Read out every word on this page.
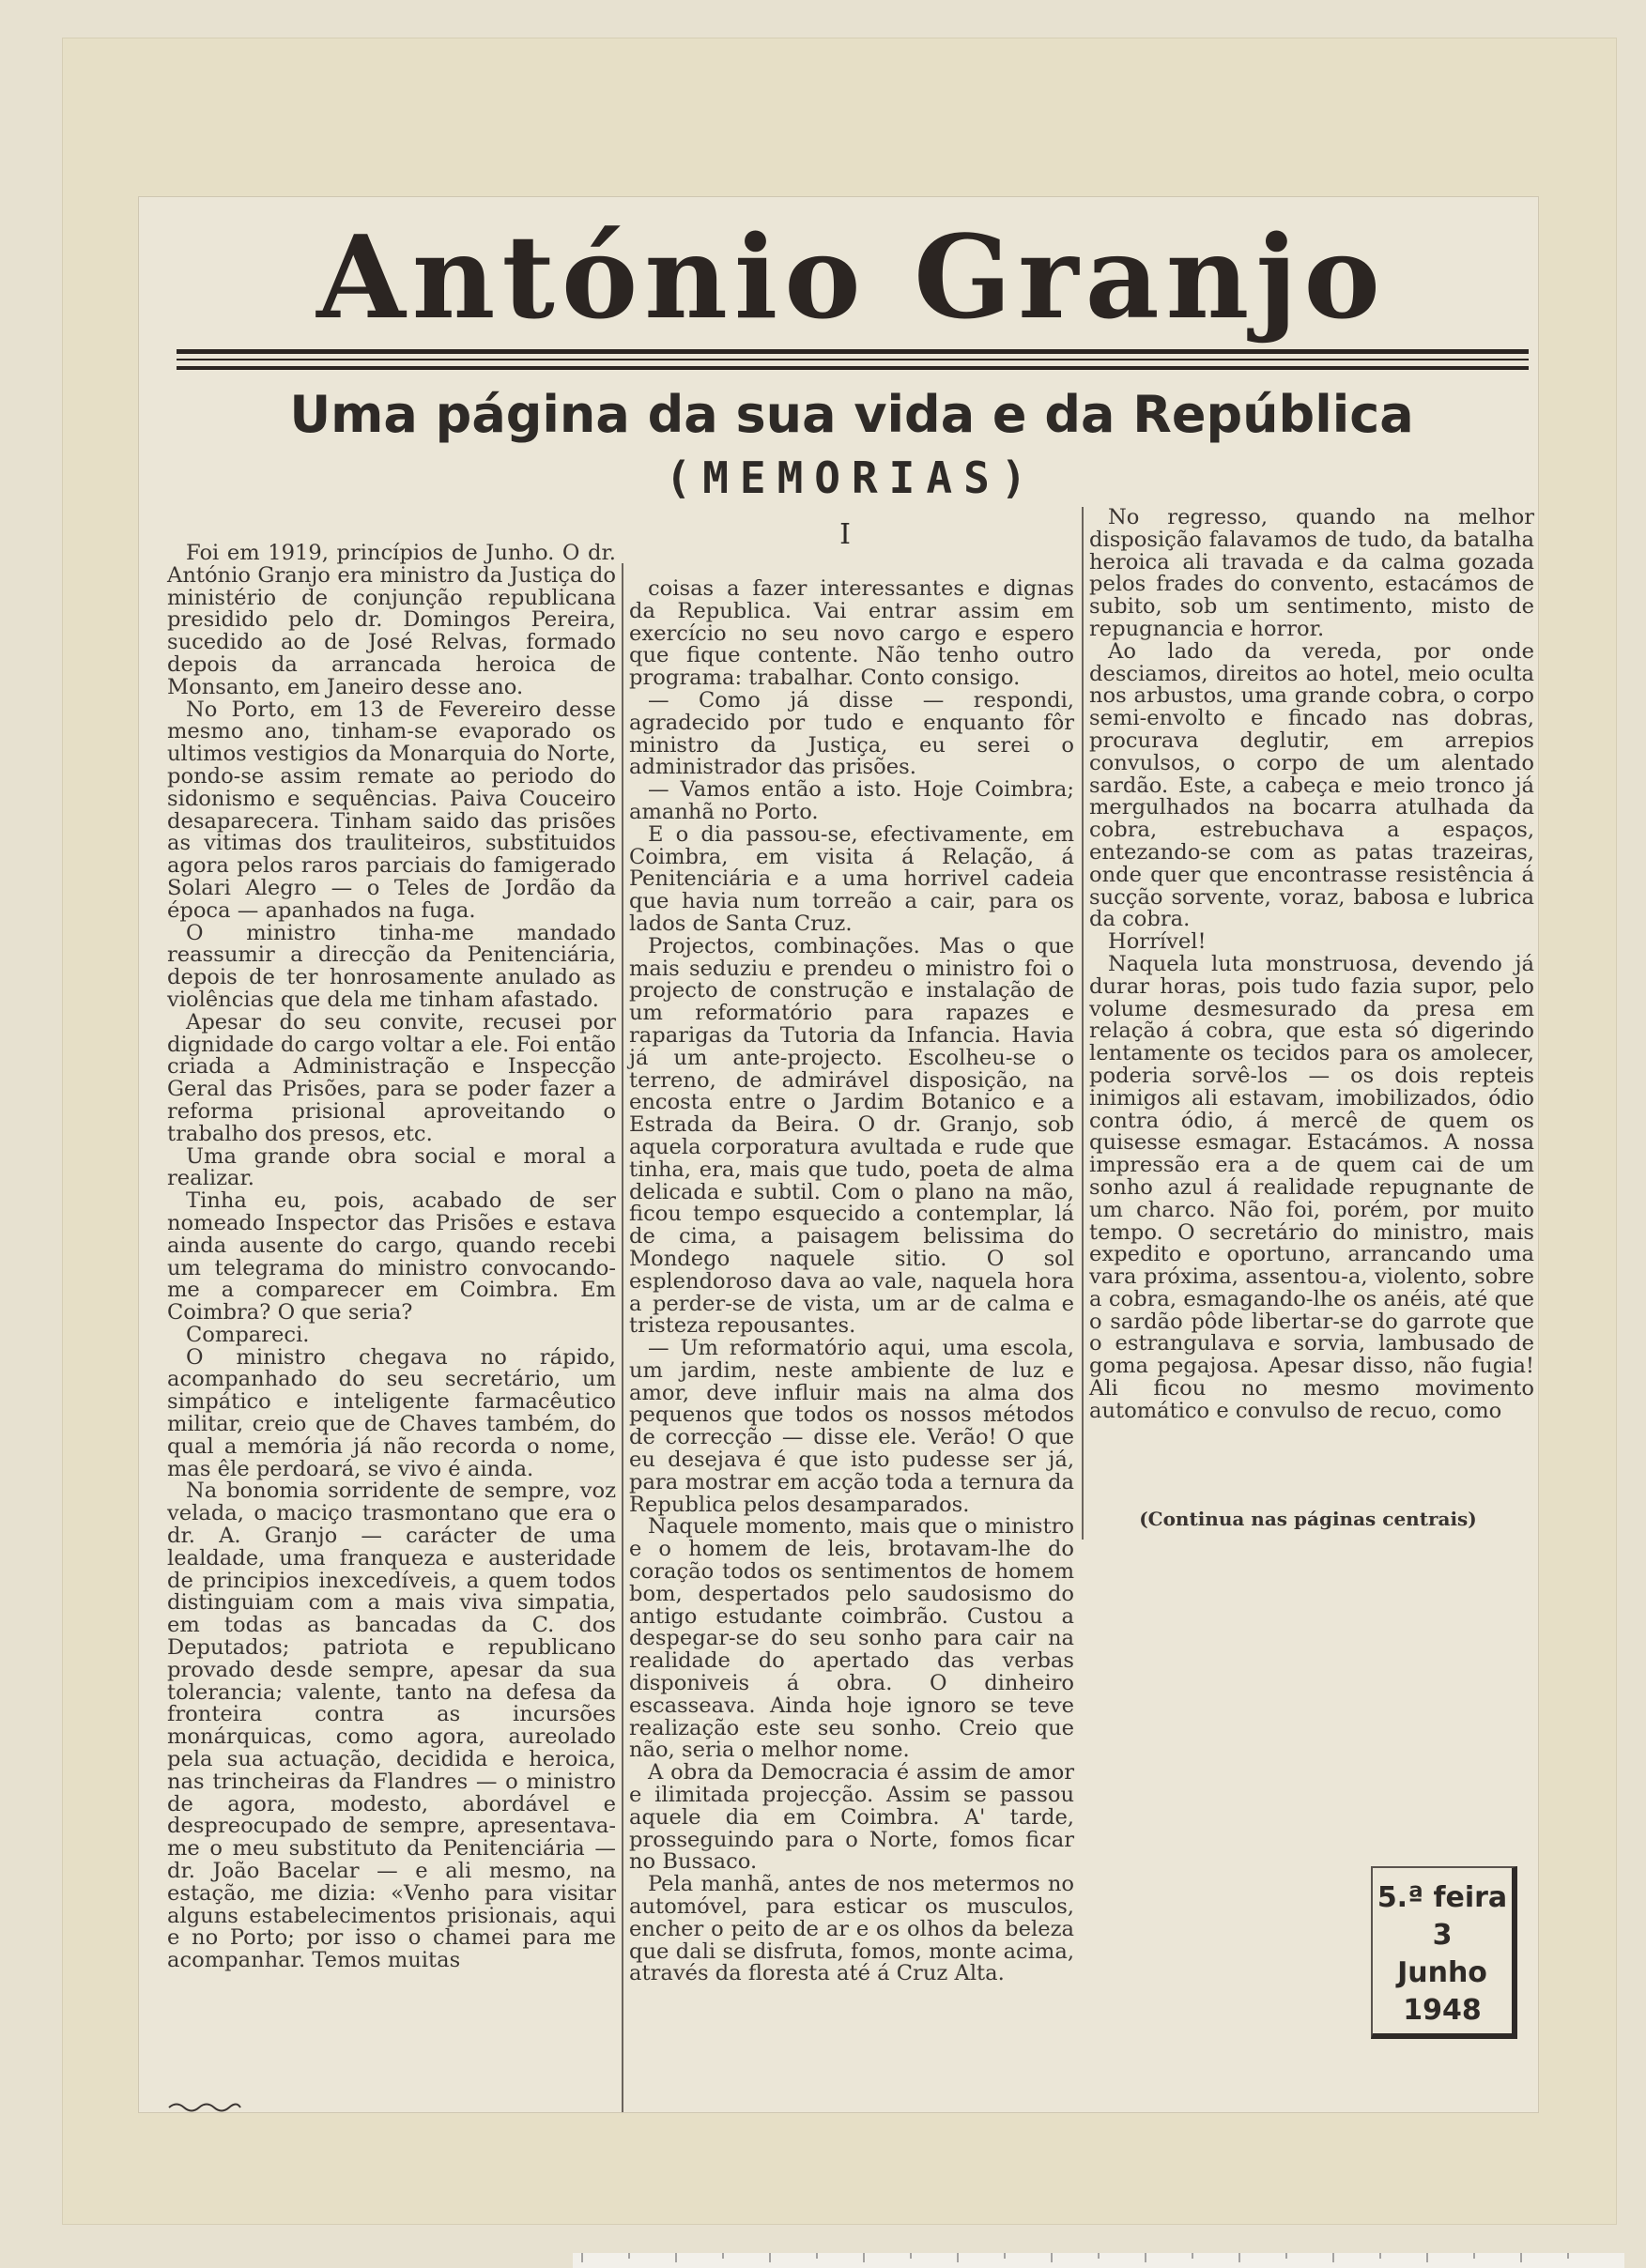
António Granjo
Uma página da sua vida e da República
(MEMORIAS)
I

Foi em 1919, princípios de Junho. O dr. António Granjo era ministro da Justiça do ministério de conjunção republicana presidido pelo dr. Domingos Pereira, sucedido ao de José Relvas, formado depois da arrancada heroica de Monsanto, em Janeiro desse ano.

No Porto, em 13 de Fevereiro desse mesmo ano, tinham-se evaporado os ultimos vestigios da Monarquia do Norte, pondo-se assim remate ao periodo do sidonismo e sequências. Paiva Couceiro desaparecera. Tinham saido das prisões as vitimas dos trauliteiros, substituidos agora pelos raros parciais do famigerado Solari Alegro — o Teles de Jordão da época — apanhados na fuga.

O ministro tinha-me mandado reassumir a direcção da Penitenciária, depois de ter honrosamente anulado as violências que dela me tinham afastado.

Apesar do seu convite, recusei por dignidade do cargo voltar a ele. Foi então criada a Administração e Inspecção Geral das Prisões, para se poder fazer a reforma prisional aproveitando o trabalho dos presos, etc.

Uma grande obra social e moral a realizar.

Tinha eu, pois, acabado de ser nomeado Inspector das Prisões e estava ainda ausente do cargo, quando recebi um telegrama do ministro convocando-me a comparecer em Coimbra. Em Coimbra? O que seria?

Compareci.

O ministro chegava no rápido, acompanhado do seu secretário, um simpático e inteligente farmacêutico militar, creio que de Chaves também, do qual a memória já não recorda o nome, mas êle perdoará, se vivo é ainda.

Na bonomia sorridente de sempre, voz velada, o maciço trasmontano que era o dr. A. Granjo — carácter de uma lealdade, uma franqueza e austeridade de principios inexcedíveis, a quem todos distinguiam com a mais viva simpatia, em todas as bancadas da C. dos Deputados; patriota e republicano provado desde sempre, apesar da sua tolerancia; valente, tanto na defesa da fronteira contra as incursões monárquicas, como agora, aureolado pela sua actuação, decidida e heroica, nas trincheiras da Flandres — o ministro de agora, modesto, abordável e despreocupado de sempre, apresentava-me o meu substituto da Penitenciária — dr. João Bacelar — e ali mesmo, na estação, me dizia: «Venho para visitar alguns estabelecimentos prisionais, aqui e no Porto; por isso o chamei para me acompanhar. Temos muitas

coisas a fazer interessantes e dignas da Republica. Vai entrar assim em exercício no seu novo cargo e espero que fique contente. Não tenho outro programa: trabalhar. Conto consigo.

— Como já disse — respondi, agradecido por tudo e enquanto fôr ministro da Justiça, eu serei o administrador das prisões.

— Vamos então a isto. Hoje Coimbra; amanhã no Porto.

E o dia passou-se, efectivamente, em Coimbra, em visita á Relação, á Penitenciária e a uma horrivel cadeia que havia num torreão a cair, para os lados de Santa Cruz.

Projectos, combinações. Mas o que mais seduziu e prendeu o ministro foi o projecto de construção e instalação de um reformatório para rapazes e raparigas da Tutoria da Infancia. Havia já um ante-projecto. Escolheu-se o terreno, de admirável disposição, na encosta entre o Jardim Botanico e a Estrada da Beira. O dr. Granjo, sob aquela corporatura avultada e rude que tinha, era, mais que tudo, poeta de alma delicada e subtil. Com o plano na mão, ficou tempo esquecido a contemplar, lá de cima, a paisagem belissima do Mondego naquele sitio. O sol esplendoroso dava ao vale, naquela hora a perder-se de vista, um ar de calma e tristeza repousantes.

— Um reformatório aqui, uma escola, um jardim, neste ambiente de luz e amor, deve influir mais na alma dos pequenos que todos os nossos métodos de correcção — disse ele. Verão! O que eu desejava é que isto pudesse ser já, para mostrar em acção toda a ternura da Republica pelos desamparados.

Naquele momento, mais que o ministro e o homem de leis, brotavam-lhe do coração todos os sentimentos de homem bom, despertados pelo saudosismo do antigo estudante coimbrão. Custou a despegar-se do seu sonho para cair na realidade do apertado das verbas disponiveis á obra. O dinheiro escasseava. Ainda hoje ignoro se teve realização este seu sonho. Creio que não, seria o melhor nome.

A obra da Democracia é assim de amor e ilimitada projecção. Assim se passou aquele dia em Coimbra. A' tarde, prosseguindo para o Norte, fomos ficar no Bussaco.

Pela manhã, antes de nos metermos no automóvel, para esticar os musculos, encher o peito de ar e os olhos da beleza que dali se disfruta, fomos, monte acima, através da floresta até á Cruz Alta.

No regresso, quando na melhor disposição falavamos de tudo, da batalha heroica ali travada e da calma gozada pelos frades do convento, estacámos de subito, sob um sentimento, misto de repugnancia e horror.

Ao lado da vereda, por onde desciamos, direitos ao hotel, meio oculta nos arbustos, uma grande cobra, o corpo semi-envolto e fincado nas dobras, procurava deglutir, em arrepios convulsos, o corpo de um alentado sardão. Este, a cabeça e meio tronco já mergulhados na bocarra atulhada da cobra, estrebuchava a espaços, entezando-se com as patas trazeiras, onde quer que encontrasse resistência á sucção sorvente, voraz, babosa e lubrica da cobra.

Horrível!

Naquela luta monstruosa, devendo já durar horas, pois tudo fazia supor, pelo volume desmesurado da presa em relação á cobra, que esta só digerindo lentamente os tecidos para os amolecer, poderia sorvê-los — os dois repteis inimigos ali estavam, imobilizados, ódio contra ódio, á mercê de quem os quisesse esmagar. Estacámos. A nossa impressão era a de quem cai de um sonho azul á realidade repugnante de um charco. Não foi, porém, por muito tempo. O secretário do ministro, mais expedito e oportuno, arrancando uma vara próxima, assentou-a, violento, sobre a cobra, esmagando-lhe os anéis, até que o sardão pôde libertar-se do garrote que o estrangulava e sorvia, lambusado de goma pegajosa. Apesar disso, não fugia! Ali ficou no mesmo movimento automático e convulso de recuo, como

(Continua nas páginas centrais)
5.ª feira
3
Junho
1948
